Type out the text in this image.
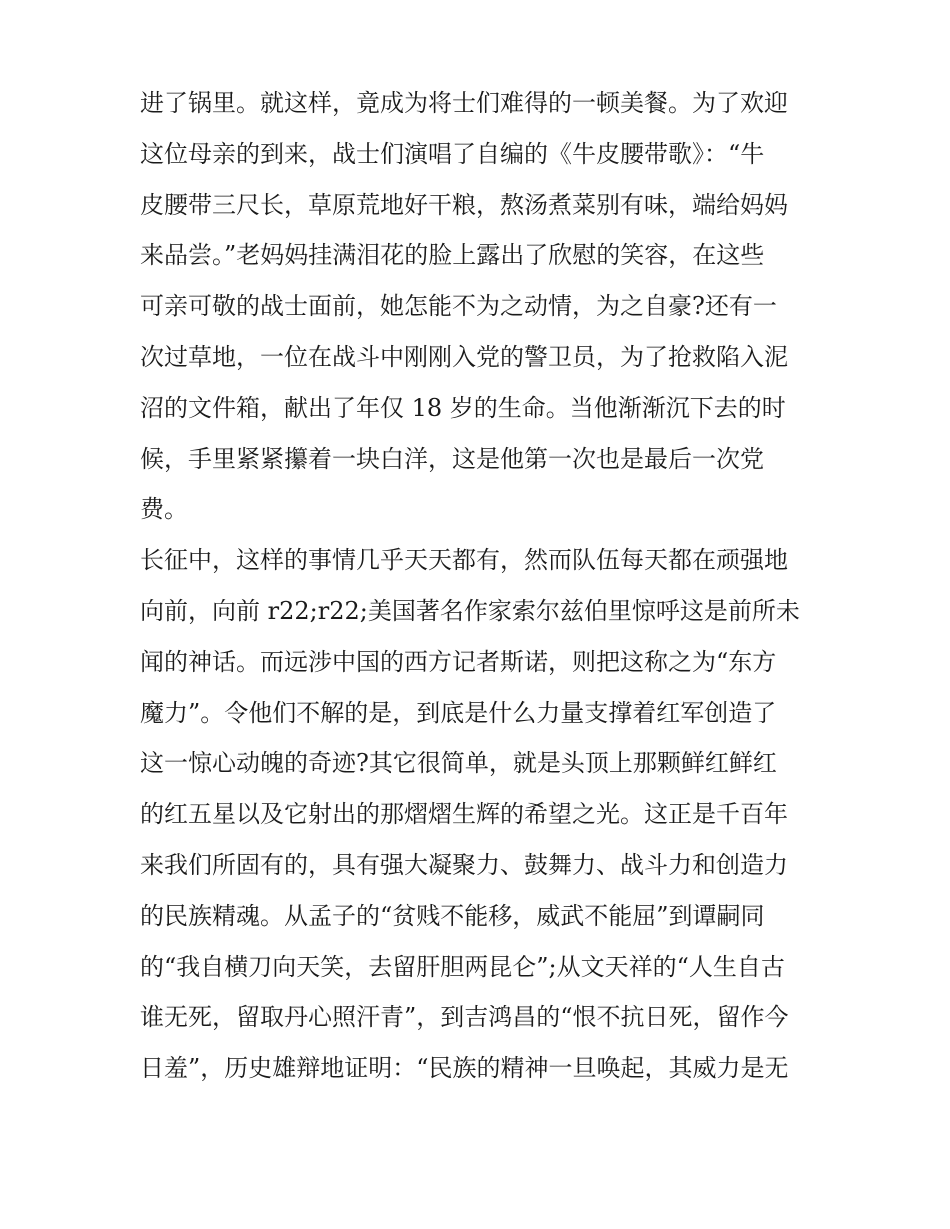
进了锅里。就这样，竟成为将士们难得的一顿美餐。为了欢迎

这位母亲的到来，战士们演唱了自编的《牛皮腰带歌》：“牛

皮腰带三尺长，草原荒地好干粮，熬汤煮菜别有味，端给妈妈

来品尝。”老妈妈挂满泪花的脸上露出了欣慰的笑容，在这些

可亲可敬的战士面前，她怎能不为之动情，为之自豪?还有一

次过草地，一位在战斗中刚刚入党的警卫员，为了抢救陷入泥

沼的文件箱，献出了年仅 18 岁的生命。当他渐渐沉下去的时

候，手里紧紧攥着一块白洋，这是他第一次也是最后一次党

费。

长征中，这样的事情几乎天天都有，然而队伍每天都在顽强地

向前，向前 r22;r22;美国著名作家索尔兹伯里惊呼这是前所未

闻的神话。而远涉中国的西方记者斯诺，则把这称之为“东方

魔力”。令他们不解的是，到底是什么力量支撑着红军创造了

这一惊心动魄的奇迹?其它很简单，就是头顶上那颗鲜红鲜红

的红五星以及它射出的那熠熠生辉的希望之光。这正是千百年

来我们所固有的，具有强大凝聚力、鼓舞力、战斗力和创造力

的民族精魂。从孟子的“贫贱不能移，威武不能屈”到谭嗣同

的“我自横刀向天笑，去留肝胆两昆仑”;从文天祥的“人生自古

谁无死，留取丹心照汗青”，到吉鸿昌的“恨不抗日死，留作今

日羞”，历史雄辩地证明：“民族的精神一旦唤起，其威力是无
